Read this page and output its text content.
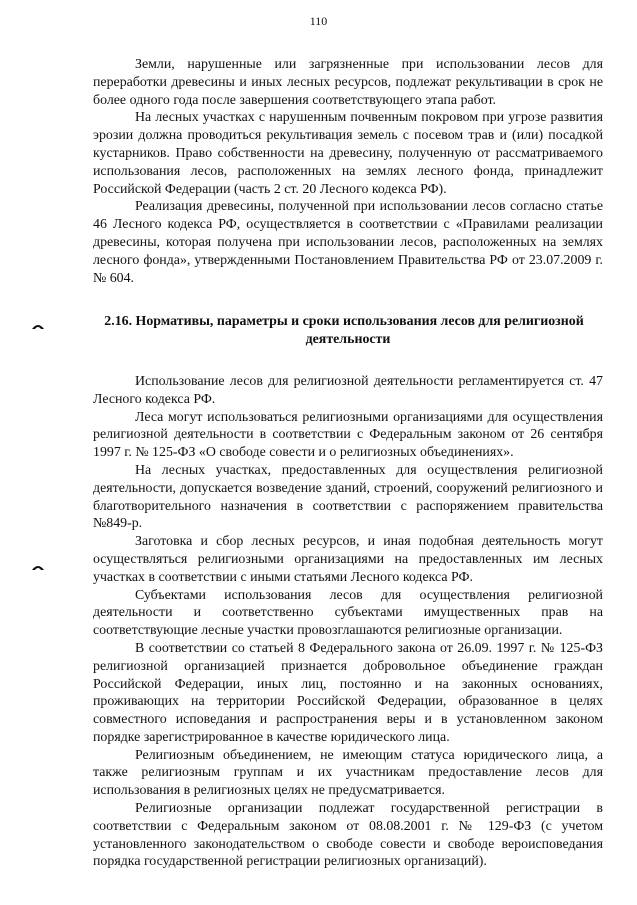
110

Земли, нарушенные или загрязненные при использовании лесов для переработки древесины и иных лесных ресурсов, подлежат рекультивации в срок не более одного года после завершения соответствующего этапа работ.

На лесных участках с нарушенным почвенным покровом при угрозе развития эрозии должна проводиться рекультивация земель с посевом трав и (или) посадкой кустарников. Право собственности на древесину, полученную от рассматриваемого использования лесов, расположенных на землях лесного фонда, принадлежит Российской Федерации (часть 2 ст. 20 Лесного кодекса РФ).

Реализация древесины, полученной при использовании лесов согласно статье 46 Лесного кодекса РФ, осуществляется в соответствии с «Правилами реализации древесины, которая получена при использовании лесов, расположенных на землях лесного фонда», утвержденными Постановлением Правительства РФ от 23.07.2009 г. № 604.

2.16. Нормативы, параметры и сроки использования лесов для религиозной
деятельности

Использование лесов для религиозной деятельности регламентируется ст. 47 Лесного кодекса РФ.

Леса могут использоваться религиозными организациями для осуществления религиозной деятельности в соответствии с Федеральным законом от 26 сентября 1997 г. № 125-ФЗ «О свободе совести и о религиозных объединениях».

На лесных участках, предоставленных для осуществления религиозной деятельности, допускается возведение зданий, строений, сооружений религиозного и благотворительного назначения в соответствии с распоряжением правительства №849-р.

Заготовка и сбор лесных ресурсов, и иная подобная деятельность могут осуществляться религиозными организациями на предоставленных им лесных участках в соответствии с иными статьями Лесного кодекса РФ.

Субъектами использования лесов для осуществления религиозной деятельности и соответственно субъектами имущественных прав на соответствующие лесные участки провозглашаются религиозные организации.

В соответствии со статьей 8 Федерального закона от 26.09. 1997 г. № 125-ФЗ религиозной организацией признается добровольное объединение граждан Российской Федерации, иных лиц, постоянно и на законных основаниях, проживающих на территории Российской Федерации, образованное в целях совместного исповедания и распространения веры и в установленном законом порядке зарегистрированное в качестве юридического лица.

Религиозным объединением, не имеющим статуса юридического лица, а также религиозным группам и их участникам предоставление лесов для использования в религиозных целях не предусматривается.

Религиозные организации подлежат государственной регистрации в соответствии с Федеральным законом от 08.08.2001 г. № 129-ФЗ (с учетом установленного законодательством о свободе совести и свободе вероисповедания порядка государственной регистрации религиозных организаций).
